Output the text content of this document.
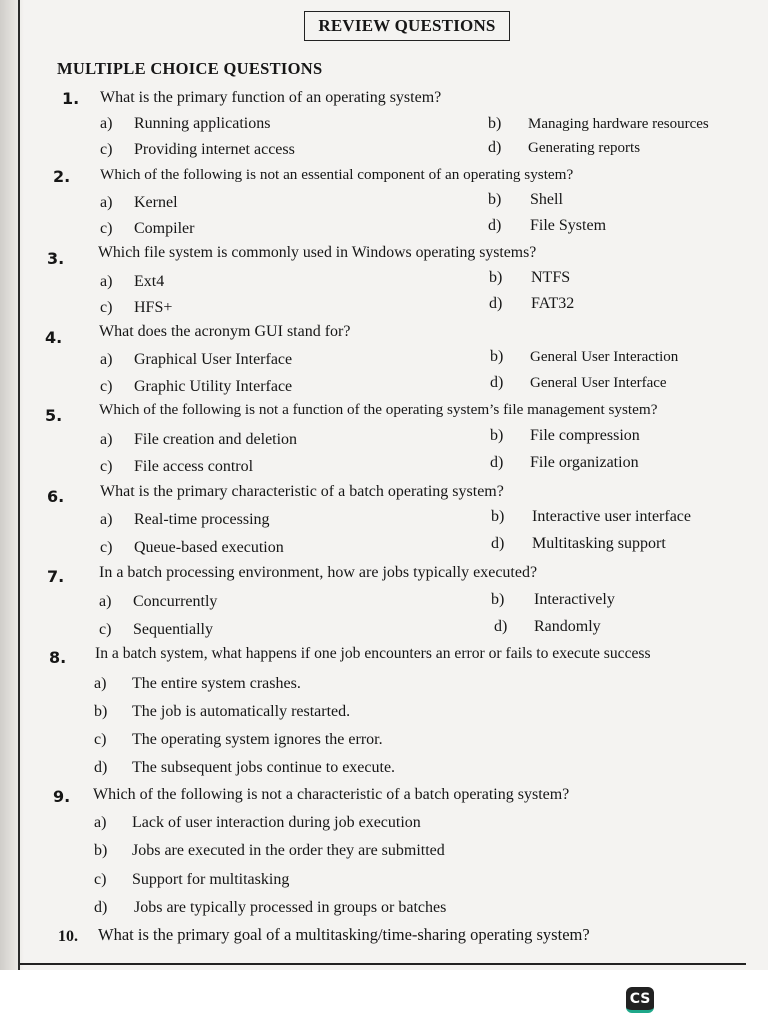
REVIEW QUESTIONS
MULTIPLE CHOICE QUESTIONS
1. What is the primary function of an operating system?
a) Running applications	b) Managing hardware resources
c) Providing internet access	d) Generating reports
2. Which of the following is not an essential component of an operating system?
a) Kernel	b) Shell
c) Compiler	d) File System
3. Which file system is commonly used in Windows operating systems?
a) Ext4	b) NTFS
c) HFS+	d) FAT32
4. What does the acronym GUI stand for?
a) Graphical User Interface	b) General User Interaction
c) Graphic Utility Interface	d) General User Interface
5. Which of the following is not a function of the operating system’s file management system?
a) File creation and deletion	b) File compression
c) File access control	d) File organization
6. What is the primary characteristic of a batch operating system?
a) Real-time processing	b) Interactive user interface
c) Queue-based execution	d) Multitasking support
7. In a batch processing environment, how are jobs typically executed?
a) Concurrently	b) Interactively
c) Sequentially	d) Randomly
8. In a batch system, what happens if one job encounters an error or fails to execute success
a) The entire system crashes.
b) The job is automatically restarted.
c) The operating system ignores the error.
d) The subsequent jobs continue to execute.
9. Which of the following is not a characteristic of a batch operating system?
a) Lack of user interaction during job execution
b) Jobs are executed in the order they are submitted
c) Support for multitasking
d) Jobs are typically processed in groups or batches
10. What is the primary goal of a multitasking/time-sharing operating system?
CS
